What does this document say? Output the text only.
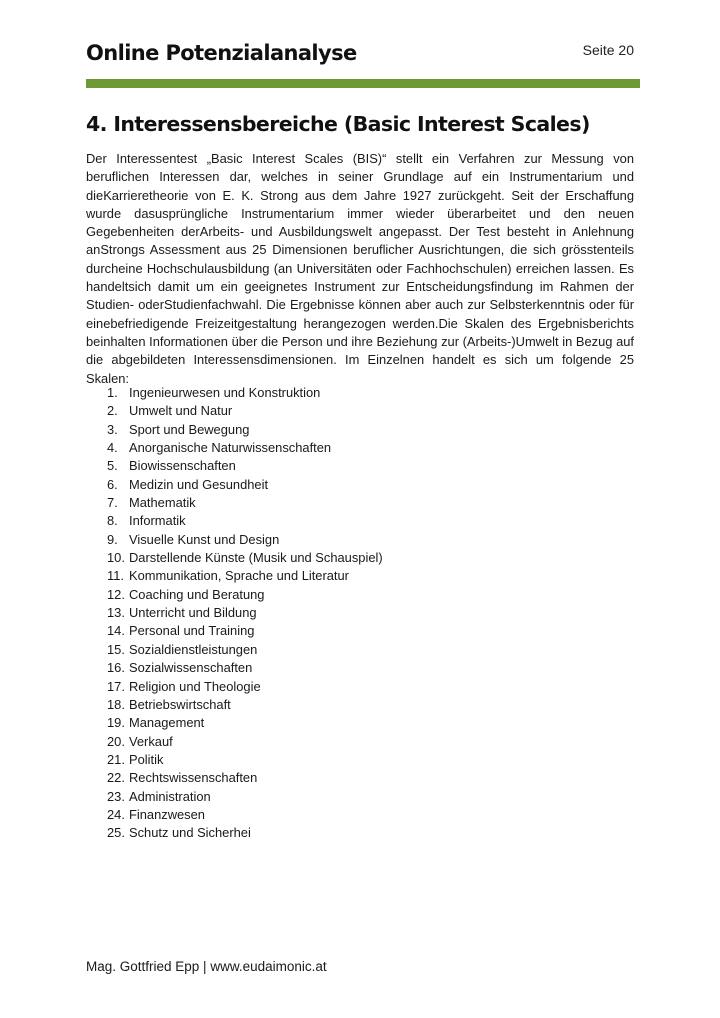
Online Potenzialanalyse	Seite 20
4. Interessensbereiche (Basic Interest Scales)

Der Interessentest „Basic Interest Scales (BIS)“ stellt ein Verfahren zur Messung von beruflichen Interessen dar, welches in seiner Grundlage auf ein Instrumentarium und dieKarrieretheorie von E. K. Strong aus dem Jahre 1927 zurückgeht. Seit der Erschaffung wurde dasusprüngliche Instrumentarium immer wieder überarbeitet und den neuen Gegebenheiten derArbeits- und Ausbildungswelt angepasst. Der Test besteht in Anlehnung anStrongs Assessment aus 25 Dimensionen beruflicher Ausrichtungen, die sich grösstenteils durcheine Hochschulausbildung (an Universitäten oder Fachhochschulen) erreichen lassen. Es handeltsich damit um ein geeignetes Instrument zur Entscheidungsfindung im Rahmen der Studien- oderStudienfachwahl. Die Ergebnisse können aber auch zur Selbsterkenntnis oder für einebefriedigende Freizeitgestaltung herangezogen werden.Die Skalen des Ergebnisberichts beinhalten Informationen über die Person und ihre Beziehung zur (Arbeits-)Umwelt in Bezug auf die abgebildeten Interessensdimensionen. Im Einzelnen handelt es sich um folgende 25 Skalen:

1. Ingenieurwesen und Konstruktion
2. Umwelt und Natur
3. Sport und Bewegung
4. Anorganische Naturwissenschaften
5. Biowissenschaften
6. Medizin und Gesundheit
7. Mathematik
8. Informatik
9. Visuelle Kunst und Design
10. Darstellende Künste (Musik und Schauspiel)
11. Kommunikation, Sprache und Literatur
12. Coaching und Beratung
13. Unterricht und Bildung
14. Personal und Training
15. Sozialdienstleistungen
16. Sozialwissenschaften
17. Religion und Theologie
18. Betriebswirtschaft
19. Management
20. Verkauf
21. Politik
22. Rechtswissenschaften
23. Administration
24. Finanzwesen
25. Schutz und Sicherhei
Mag. Gottfried Epp | www.eudaimonic.at
